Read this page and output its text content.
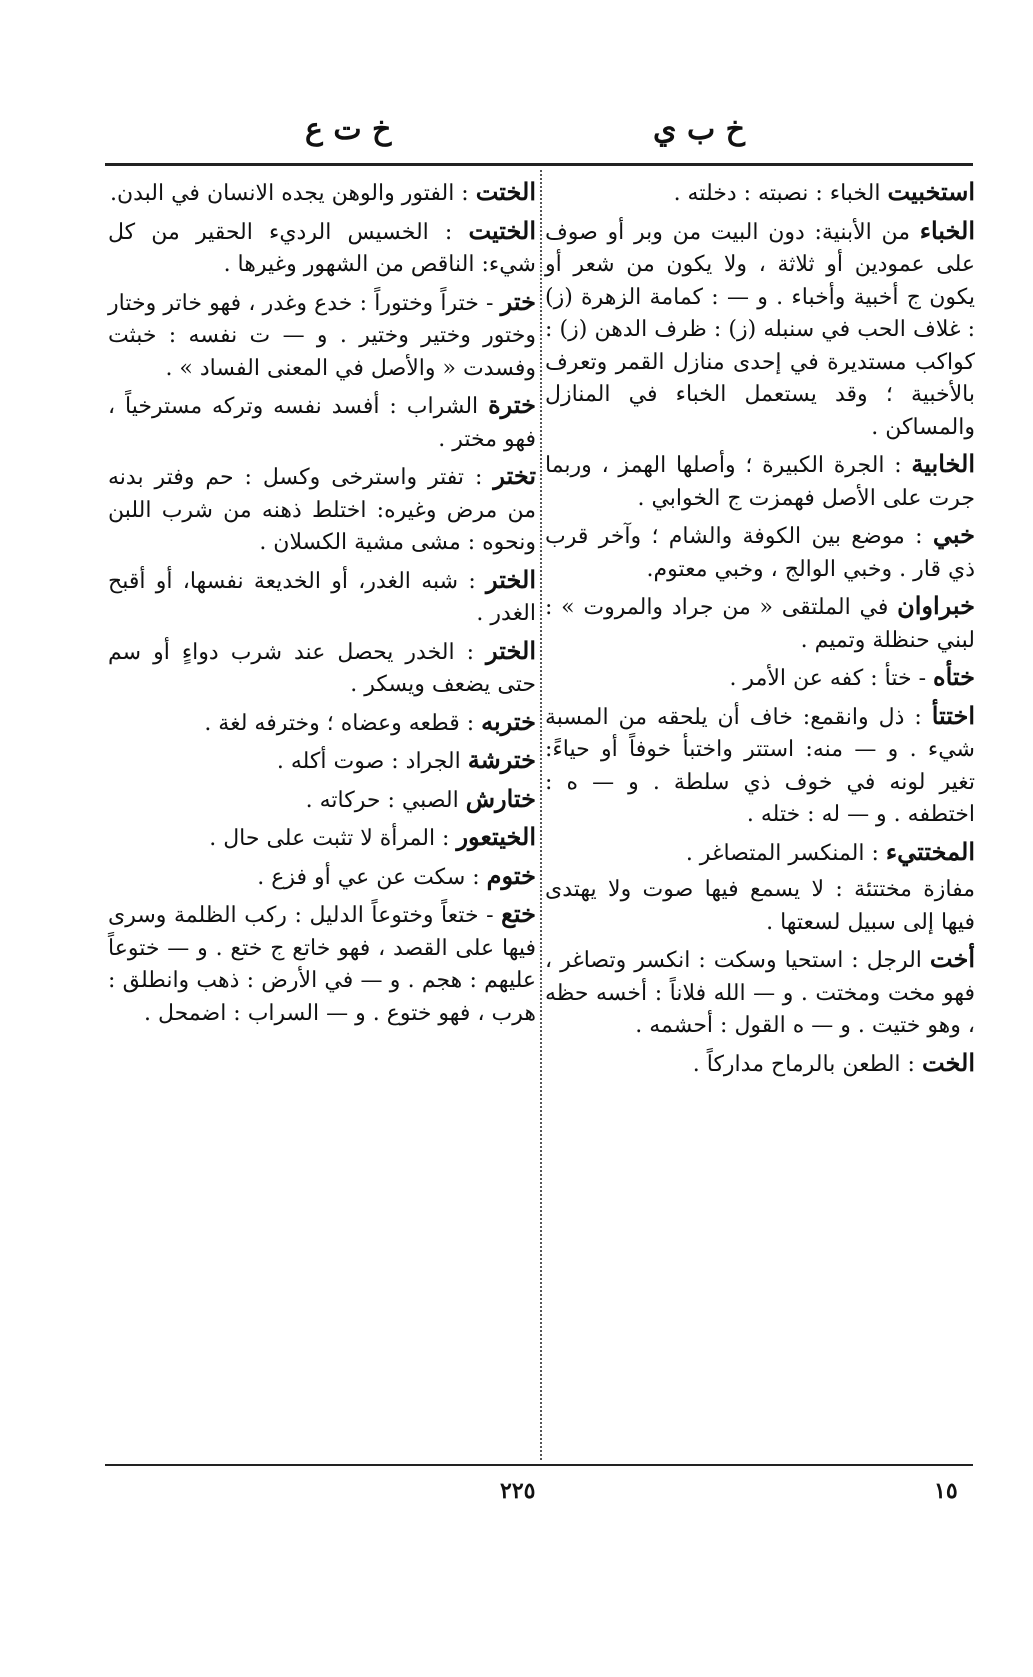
خ ب ي
خ ت ع

استخبيت الخباء : نصبته : دخلته .

الخباء من الأبنية: دون البيت من وبر أو صوف على عمودين أو ثلاثة ، ولا يكون من شعر أو يكون ج أخبية وأخباء . و — : كمامة الزهرة (ز) : غلاف الحب في سنبله (ز) : ظرف الدهن (ز) : كواكب مستديرة في إحدى منازل القمر وتعرف بالأخبية ؛ وقد يستعمل الخباء في المنازل والمساكن .

الخابية : الجرة الكبيرة ؛ وأصلها الهمز ، وربما جرت على الأصل فهمزت ج الخوابي .

خبي : موضع بين الكوفة والشام ؛ وآخر قرب ذي قار . وخبي الوالج ، وخبي معتوم.

خبراوان في الملتقى « من جراد والمروت » : لبني حنظلة وتميم .

ختأه - ختأ : كفه عن الأمر .

اختتأ : ذل وانقمع: خاف أن يلحقه من المسبة شيء . و — منه: استتر واختبأ خوفاً أو حياءً: تغير لونه في خوف ذي سلطة . و — ه : اختطفه . و — له : ختله .

المختتيء : المنكسر المتصاغر .

مفازة مختتئة : لا يسمع فيها صوت ولا يهتدى فيها إلى سبيل لسعتها .

أخت الرجل : استحيا وسكت : انكسر وتصاغر ، فهو مخت ومختت . و — الله فلاناً : أخسه حظه ، وهو ختيت . و — ه القول : أحشمه .

الخت : الطعن بالرماح مداركاً .

الختت : الفتور والوهن يجده الانسان في البدن.

الختيت : الخسيس الرديء الحقير من كل شيء: الناقص من الشهور وغيرها .

ختر - ختراً وختوراً : خدع وغدر ، فهو خاتر وختار وختور وختير وختير . و — ت نفسه : خبثت وفسدت « والأصل في المعنى الفساد » .

خترة الشراب : أفسد نفسه وتركه مسترخياً ، فهو مختر .

تختر : تفتر واسترخى وكسل : حم وفتر بدنه من مرض وغيره: اختلط ذهنه من شرب اللبن ونحوه : مشى مشية الكسلان .

الختر : شبه الغدر، أو الخديعة نفسها، أو أقبح الغدر .

الختر : الخدر يحصل عند شرب دواءٍ أو سم حتى يضعف ويسكر .

ختربه : قطعه وعضاه ؛ وخترفه لغة .

خترشة الجراد : صوت أكله .

ختارش الصبي : حركاته .

الخيتعور : المرأة لا تثبت على حال .

ختوم : سكت عن عي أو فزع .

ختع - ختعاً وختوعاً الدليل : ركب الظلمة وسرى فيها على القصد ، فهو خاتع ج ختع . و — ختوعاً عليهم : هجم . و — في الأرض : ذهب وانطلق : هرب ، فهو ختوع . و — السراب : اضمحل .

٢٢٥	١٥
